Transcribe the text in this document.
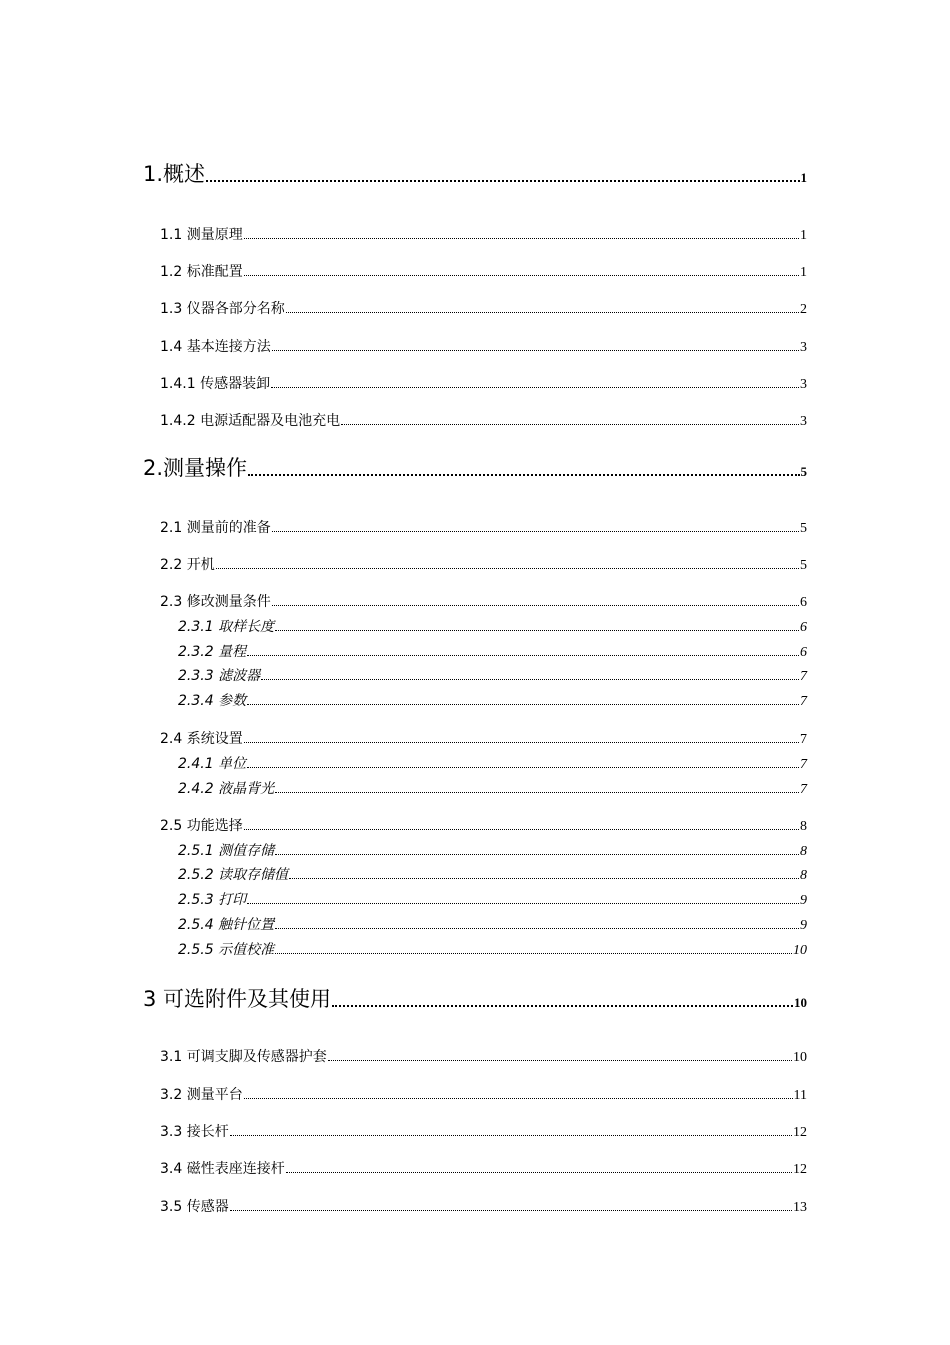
1.概述	1
1.1 测量原理	1
1.2 标准配置	1
1.3 仪器各部分名称	2
1.4 基本连接方法	3
1.4.1 传感器装卸	3
1.4.2 电源适配器及电池充电	3
2.测量操作	5
2.1 测量前的准备	5
2.2 开机	5
2.3 修改测量条件	6
2.3.1 取样长度	6
2.3.2 量程	6
2.3.3 滤波器	7
2.3.4 参数	7
2.4 系统设置	7
2.4.1 单位	7
2.4.2 液晶背光	7
2.5 功能选择	8
2.5.1 测值存储	8
2.5.2 读取存储值	8
2.5.3 打印	9
2.5.4 触针位置	9
2.5.5 示值校准	10
3 可选附件及其使用	10
3.1 可调支脚及传感器护套	10
3.2 测量平台	11
3.3 接长杆	12
3.4 磁性表座连接杆	12
3.5 传感器	13
